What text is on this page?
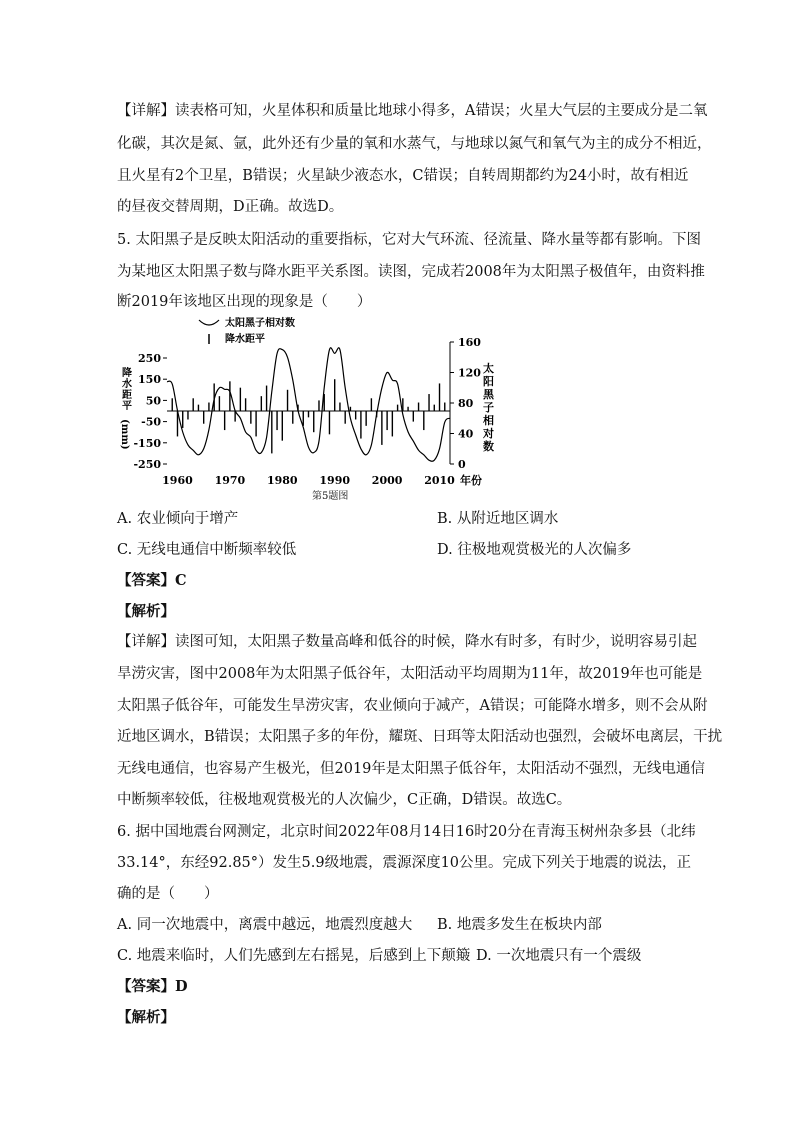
【详解】读表格可知，火星体积和质量比地球小得多，A错误；火星大气层的主要成分是二氧
化碳，其次是氮、氩，此外还有少量的氧和水蒸气，与地球以氮气和氧气为主的成分不相近，
且火星有2个卫星，B错误；火星缺少液态水，C错误；自转周期都约为24小时，故有相近
的昼夜交替周期，D正确。故选D。
5. 太阳黑子是反映太阳活动的重要指标，它对大气环流、径流量、降水量等都有影响。下图
为某地区太阳黑子数与降水距平关系图。读图，完成若2008年为太阳黑子极值年，由资料推
断2019年该地区出现的现象是（　　）
太阳黑子相对数
降水距平
降
水
距
平
(mm)
太
阳
黑
子
相
对
数
250
150
50
-50
-150
-250
160
120
80
40
0
1960 1970 1980 1990 2000 2010 年份
第5题图
A. 农业倾向于增产	B. 从附近地区调水
C. 无线电通信中断频率较低	D. 往极地观赏极光的人次偏多
【答案】C
【解析】
【详解】读图可知，太阳黑子数量高峰和低谷的时候，降水有时多，有时少，说明容易引起
旱涝灾害，图中2008年为太阳黑子低谷年，太阳活动平均周期为11年，故2019年也可能是
太阳黑子低谷年，可能发生旱涝灾害，农业倾向于减产，A错误；可能降水增多，则不会从附
近地区调水，B错误；太阳黑子多的年份，耀斑、日珥等太阳活动也强烈，会破坏电离层，干扰
无线电通信，也容易产生极光，但2019年是太阳黑子低谷年，太阳活动不强烈，无线电通信
中断频率较低，往极地观赏极光的人次偏少，C正确，D错误。故选C。
6. 据中国地震台网测定，北京时间2022年08月14日16时20分在青海玉树州杂多县（北纬
33.14°，东经92.85°）发生5.9级地震，震源深度10公里。完成下列关于地震的说法，正
确的是（　　）
A. 同一次地震中，离震中越远，地震烈度越大 B. 地震多发生在板块内部
C. 地震来临时，人们先感到左右摇晃，后感到上下颠簸 D. 一次地震只有一个震级
【答案】D
【解析】
